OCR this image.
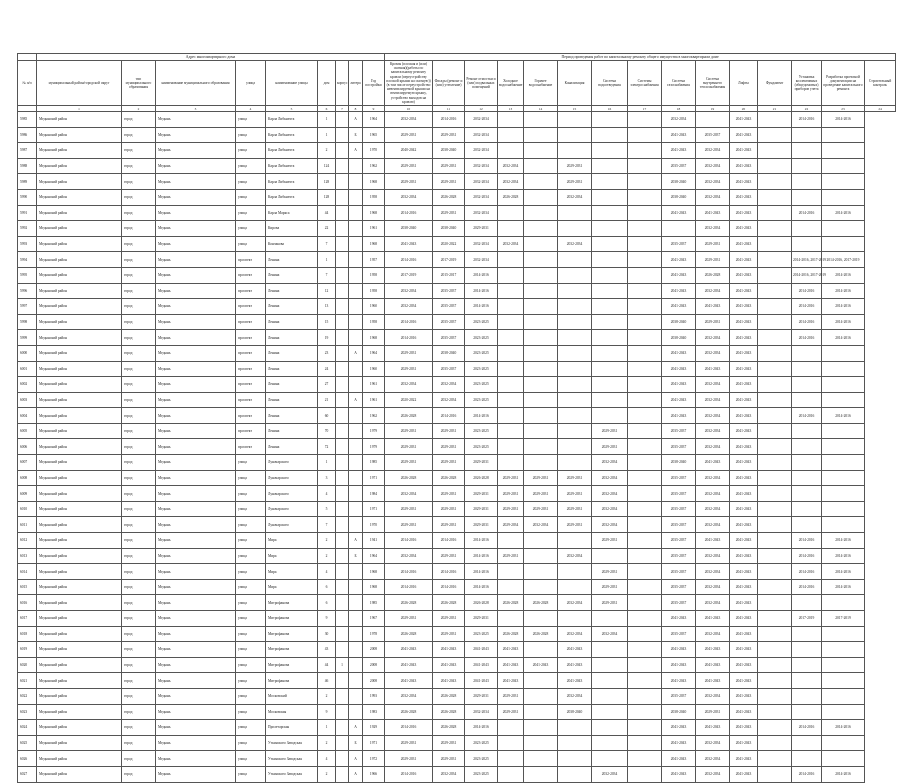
	Адрес многоквартирного дома									Период проведения работ по капитальному ремонту общего имущества в многоквартирном доме														
№ п/п	муниципальный район/городской округ	тип муниципального образования	наименование муниципального образования	улица	наименование улицы	дом	корпус	литера	Год постройки	Кровля (плоская и (или) скатная)(работы по капитальному ремонту кровли (переустройству плоской крыши на скатную)) (в том числе переустройство невентилируемой крыши на вентилируемую крышу, устройство выходов на кровлю)	Фасады (ремонт и (или) утепление)	Ремонт отмостки и (или) подвальных помещений	Холодное водоснабжение	Горячее водоснабжение	Канализация	Система водоотведения	Системы электроснабжения	Система газоснабжения	Система внутреннего теплоснабжения	Лифты	Фундамент	Установка коллективных (общедомовых) приборов учета	Разработка проектной документации на проведение капитального ремонта	Строительный контроль
	1	2	3	4	5	6	7	8	9	10	11	12	13	14	15	16	17	18	19	20	21	22	23	24
5985	Медынский район	город	Медынь	улица	Карла Либкнехта	1		А	1964	2032-2034	2014-2016	2032-2034						2032-2034		2041-2043		2014-2016	2014-2016	
5986	Медынский район	город	Медынь	улица	Карла Либкнехта	1		Б	1965	2029-2031	2029-2031	2032-2034						2041-2043	2035-2037	2041-2043				
5987	Медынский район	город	Медынь	улица	Карла Либкнехта	2		А	1970	2040-2042	2038-2040	2032-2034						2041-2043	2032-2034	2041-2043				
5988	Медынский район	город	Медынь	улица	Карла Либкнехта	124			1962	2029-2031	2029-2031	2032-2034	2032-2034		2029-2031			2035-2037	2032-2034	2041-2043				
5989	Медынский район	город	Медынь	улица	Карла Либкнехта	128			1968	2029-2031	2029-2031	2032-2034	2032-2034		2029-2031			2038-2040	2032-2034	2041-2043				
5990	Медынский район	город	Медынь	улица	Карла Либкнехта	128			1958	2032-2034	2026-2028	2032-2034	2026-2028		2032-2034			2038-2040	2032-2034	2041-2043				
5991	Медынский район	город	Медынь	улица	Карла Маркса	44			1968	2014-2016	2029-2031	2032-2034						2041-2043	2041-2043	2041-2043		2014-2016	2014-2016	
5992	Медынский район	город	Медынь	улица	Кирова	22			1961	2038-2040	2038-2040	2029-2031							2032-2034	2041-2043				
5993	Медынский район	город	Медынь	улица	Кончакова	7			1968	2041-2043	2020-2022	2032-2034	2032-2034		2032-2034			2035-2037	2029-2031	2041-2043				
5994	Медынский район	город	Медынь	проспект	Ленина	1			1957	2014-2016	2017-2019	2032-2034						2041-2043	2029-2031	2041-2043		2014-2016, 2017-2019	2014-2016, 2017-2019	
5995	Медынский район	город	Медынь	проспект	Ленина	7			1958	2017-2019	2015-2017	2014-2016						2041-2043	2026-2028	2041-2043		2014-2016, 2017-2019	2014-2016	
5996	Медынский район	город	Медынь	проспект	Ленина	12			1958	2032-2034	2035-2037	2014-2016						2041-2043	2032-2034	2041-2043		2014-2016	2014-2016	
5997	Медынский район	город	Медынь	проспект	Ленина	13			1960	2032-2034	2035-2037	2014-2016						2041-2043	2041-2043	2041-2043		2014-2016	2014-2016	
5998	Медынский район	город	Медынь	проспект	Ленина	15			1958	2014-2016	2035-2037	2023-2025						2038-2040	2029-2031	2041-2043		2014-2016	2014-2016	
5999	Медынский район	город	Медынь	проспект	Ленина	19			1968	2014-2016	2035-2037	2023-2025						2038-2040	2032-2034	2041-2043		2014-2016	2014-2016	
6000	Медынский район	город	Медынь	проспект	Ленина	23		А	1964	2029-2031	2038-2040	2023-2025						2041-2043	2032-2034	2041-2043				
6001	Медынский район	город	Медынь	проспект	Ленина	24			1960	2029-2031	2035-2037	2023-2025						2041-2043	2041-2043	2041-2043				
6002	Медынский район	город	Медынь	проспект	Ленина	27			1961	2032-2034	2032-2034	2023-2025						2041-2043	2032-2034	2041-2043				
6003	Медынский район	город	Медынь	проспект	Ленина	21		А	1961	2020-2022	2032-2034	2023-2025						2041-2043	2032-2034	2041-2043				
6004	Медынский район	город	Медынь	проспект	Ленина	60			1962	2026-2028	2014-2016	2014-2016						2041-2043	2032-2034	2041-2043		2014-2016	2014-2016	
6005	Медынский район	город	Медынь	проспект	Ленина	70			1979	2029-2031	2029-2031	2023-2025				2029-2031		2035-2037	2032-2034	2041-2043				
6006	Медынский район	город	Медынь	проспект	Ленина	72			1979	2029-2031	2029-2031	2023-2025				2029-2031		2035-2037	2032-2034	2041-2043				
6007	Медынский район	город	Медынь	улица	Луначарского	1			1985	2029-2031	2029-2031	2029-2031				2032-2034		2038-2040	2041-2043	2041-2043				
6008	Медынский район	город	Медынь	улица	Луначарского	3			1971	2026-2028	2026-2028	2026-2028	2029-2031	2029-2031	2029-2031	2032-2034		2035-2037	2032-2034	2041-2043				
6009	Медынский район	город	Медынь	улица	Луначарского	4			1984	2032-2034	2029-2031	2029-2031	2029-2031	2029-2031	2029-2031	2032-2034		2035-2037	2032-2034	2041-2043				
6010	Медынский район	город	Медынь	улица	Луначарского	5			1971	2029-2031	2029-2031	2029-2031	2029-2031	2029-2031	2029-2031	2032-2034		2035-2037	2032-2034	2041-2043				
6011	Медынский район	город	Медынь	улица	Луначарского	7			1970	2029-2031	2029-2031	2029-2031	2029-2034	2032-2034	2029-2031	2032-2034		2035-2037	2032-2034	2041-2043				
6012	Медынский район	город	Медынь	улица	Мира	2		А	1941	2014-2016	2014-2016	2014-2016				2029-2031		2035-2037	2041-2043	2041-2043		2014-2016	2014-2016	
6013	Медынский район	город	Медынь	улица	Мира	2		Б	1964	2032-2034	2029-2031	2014-2016	2029-2031		2032-2034			2035-2037	2032-2034	2041-2043		2014-2016	2014-2016	
6014	Медынский район	город	Медынь	улица	Мира	4			1968	2014-2016	2014-2016	2014-2016				2029-2031		2035-2037	2032-2034	2041-2043		2014-2016	2014-2016	
6015	Медынский район	город	Медынь	улица	Мира	6			1968	2014-2016	2014-2016	2014-2016				2029-2031		2035-2037	2032-2034	2041-2043		2014-2016	2014-2016	
6016	Медынский район	город	Медынь	улица	Митрофанова	6			1985	2026-2028	2026-2028	2026-2028	2026-2028	2026-2028	2032-2034	2029-2031		2035-2037	2032-2034	2041-2043				
6017	Медынский район	город	Медынь	улица	Митрофанова	9			1967	2029-2031	2029-2031	2029-2031						2041-2043	2041-2043	2041-2043		2017-2019	2017-2019	
6018	Медынский район	город	Медынь	улица	Митрофанова	30			1978	2026-2028	2029-2031	2023-2025	2026-2028	2026-2028	2032-2034	2032-2034		2035-2037	2032-2034	2041-2043				
6019	Медынский район	город	Медынь	улица	Митрофанова	43			2008	2041-2043	2041-2043	2041-2043	2041-2043		2041-2043			2041-2043	2041-2043	2041-2043				
6020	Медынский район	город	Медынь	улица	Митрофанова	44	1		2008	2041-2043	2041-2043	2041-2043	2041-2043	2041-2043	2041-2043			2041-2043	2041-2043	2041-2043				
6021	Медынский район	город	Медынь	улица	Митрофанова	46			2008	2041-2043	2041-2043	2041-2043	2041-2043		2041-2043			2041-2043	2041-2043	2041-2043				
6022	Медынский район	город	Медынь	улица	Московский	2			1993	2032-2034	2026-2028	2029-2031	2029-2031		2032-2034			2035-2037	2032-2034	2041-2043				
6023	Медынский район	город	Медынь	улица	Московская	9			1983	2026-2028	2026-2028	2032-2034	2029-2031		2038-2040			2038-2040	2029-2031	2041-2043				
6024	Медынский район	город	Медынь	улица	Пролетарская	1		А	1929	2014-2016	2026-2028	2014-2016						2041-2043	2041-2043	2041-2043		2014-2016	2014-2016	
6025	Медынский район	город	Медынь	улица	Уткинского Заводская	2		Б	1971	2029-2031	2029-2031	2023-2025						2041-2043	2032-2034	2041-2043				
6026	Медынский район	город	Медынь	улица	Уткинского Заводская	4		А	1972	2029-2031	2029-2031	2023-2025						2041-2043	2032-2034	2041-2043				
6027	Медынский район	город	Медынь	улица	Уткинского Заводская	2		А	1966	2014-2016	2032-2034	2023-2025				2032-2034		2041-2043	2032-2034	2041-2043		2014-2016	2014-2016	
